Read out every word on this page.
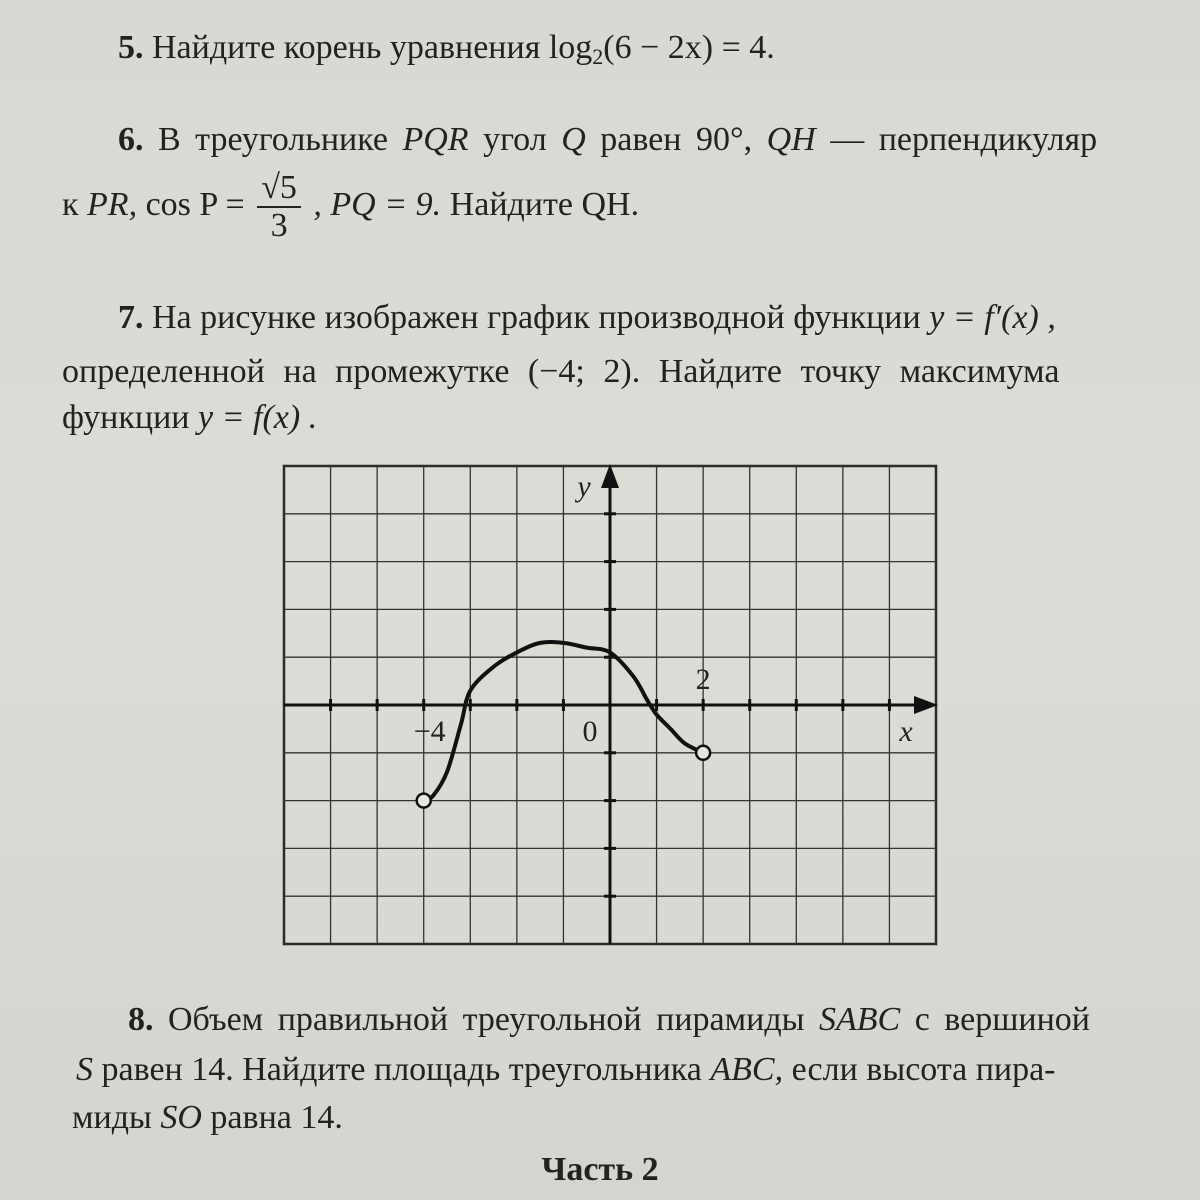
5. Найдите корень уравнения $\log_2(6 - 2x) = 4$.
6. В треугольнике PQR угол Q равен 90°, QH — перпендикуляр
к PR, $\cos P = \frac{√5}{3}$ , PQ = 9. Найдите QH.
7. На рисунке изображен график производной функции y = f′(x) ,
определенной на промежутке (−4; 2). Найдите точку максимума
функции y = f(x) .
−4
2
0	x
y
8. Объем правильной треугольной пирамиды SABC с вершиной
S равен 14. Найдите площадь треугольника ABC, если высота пира-
миды SO равна 14.
Часть 2
